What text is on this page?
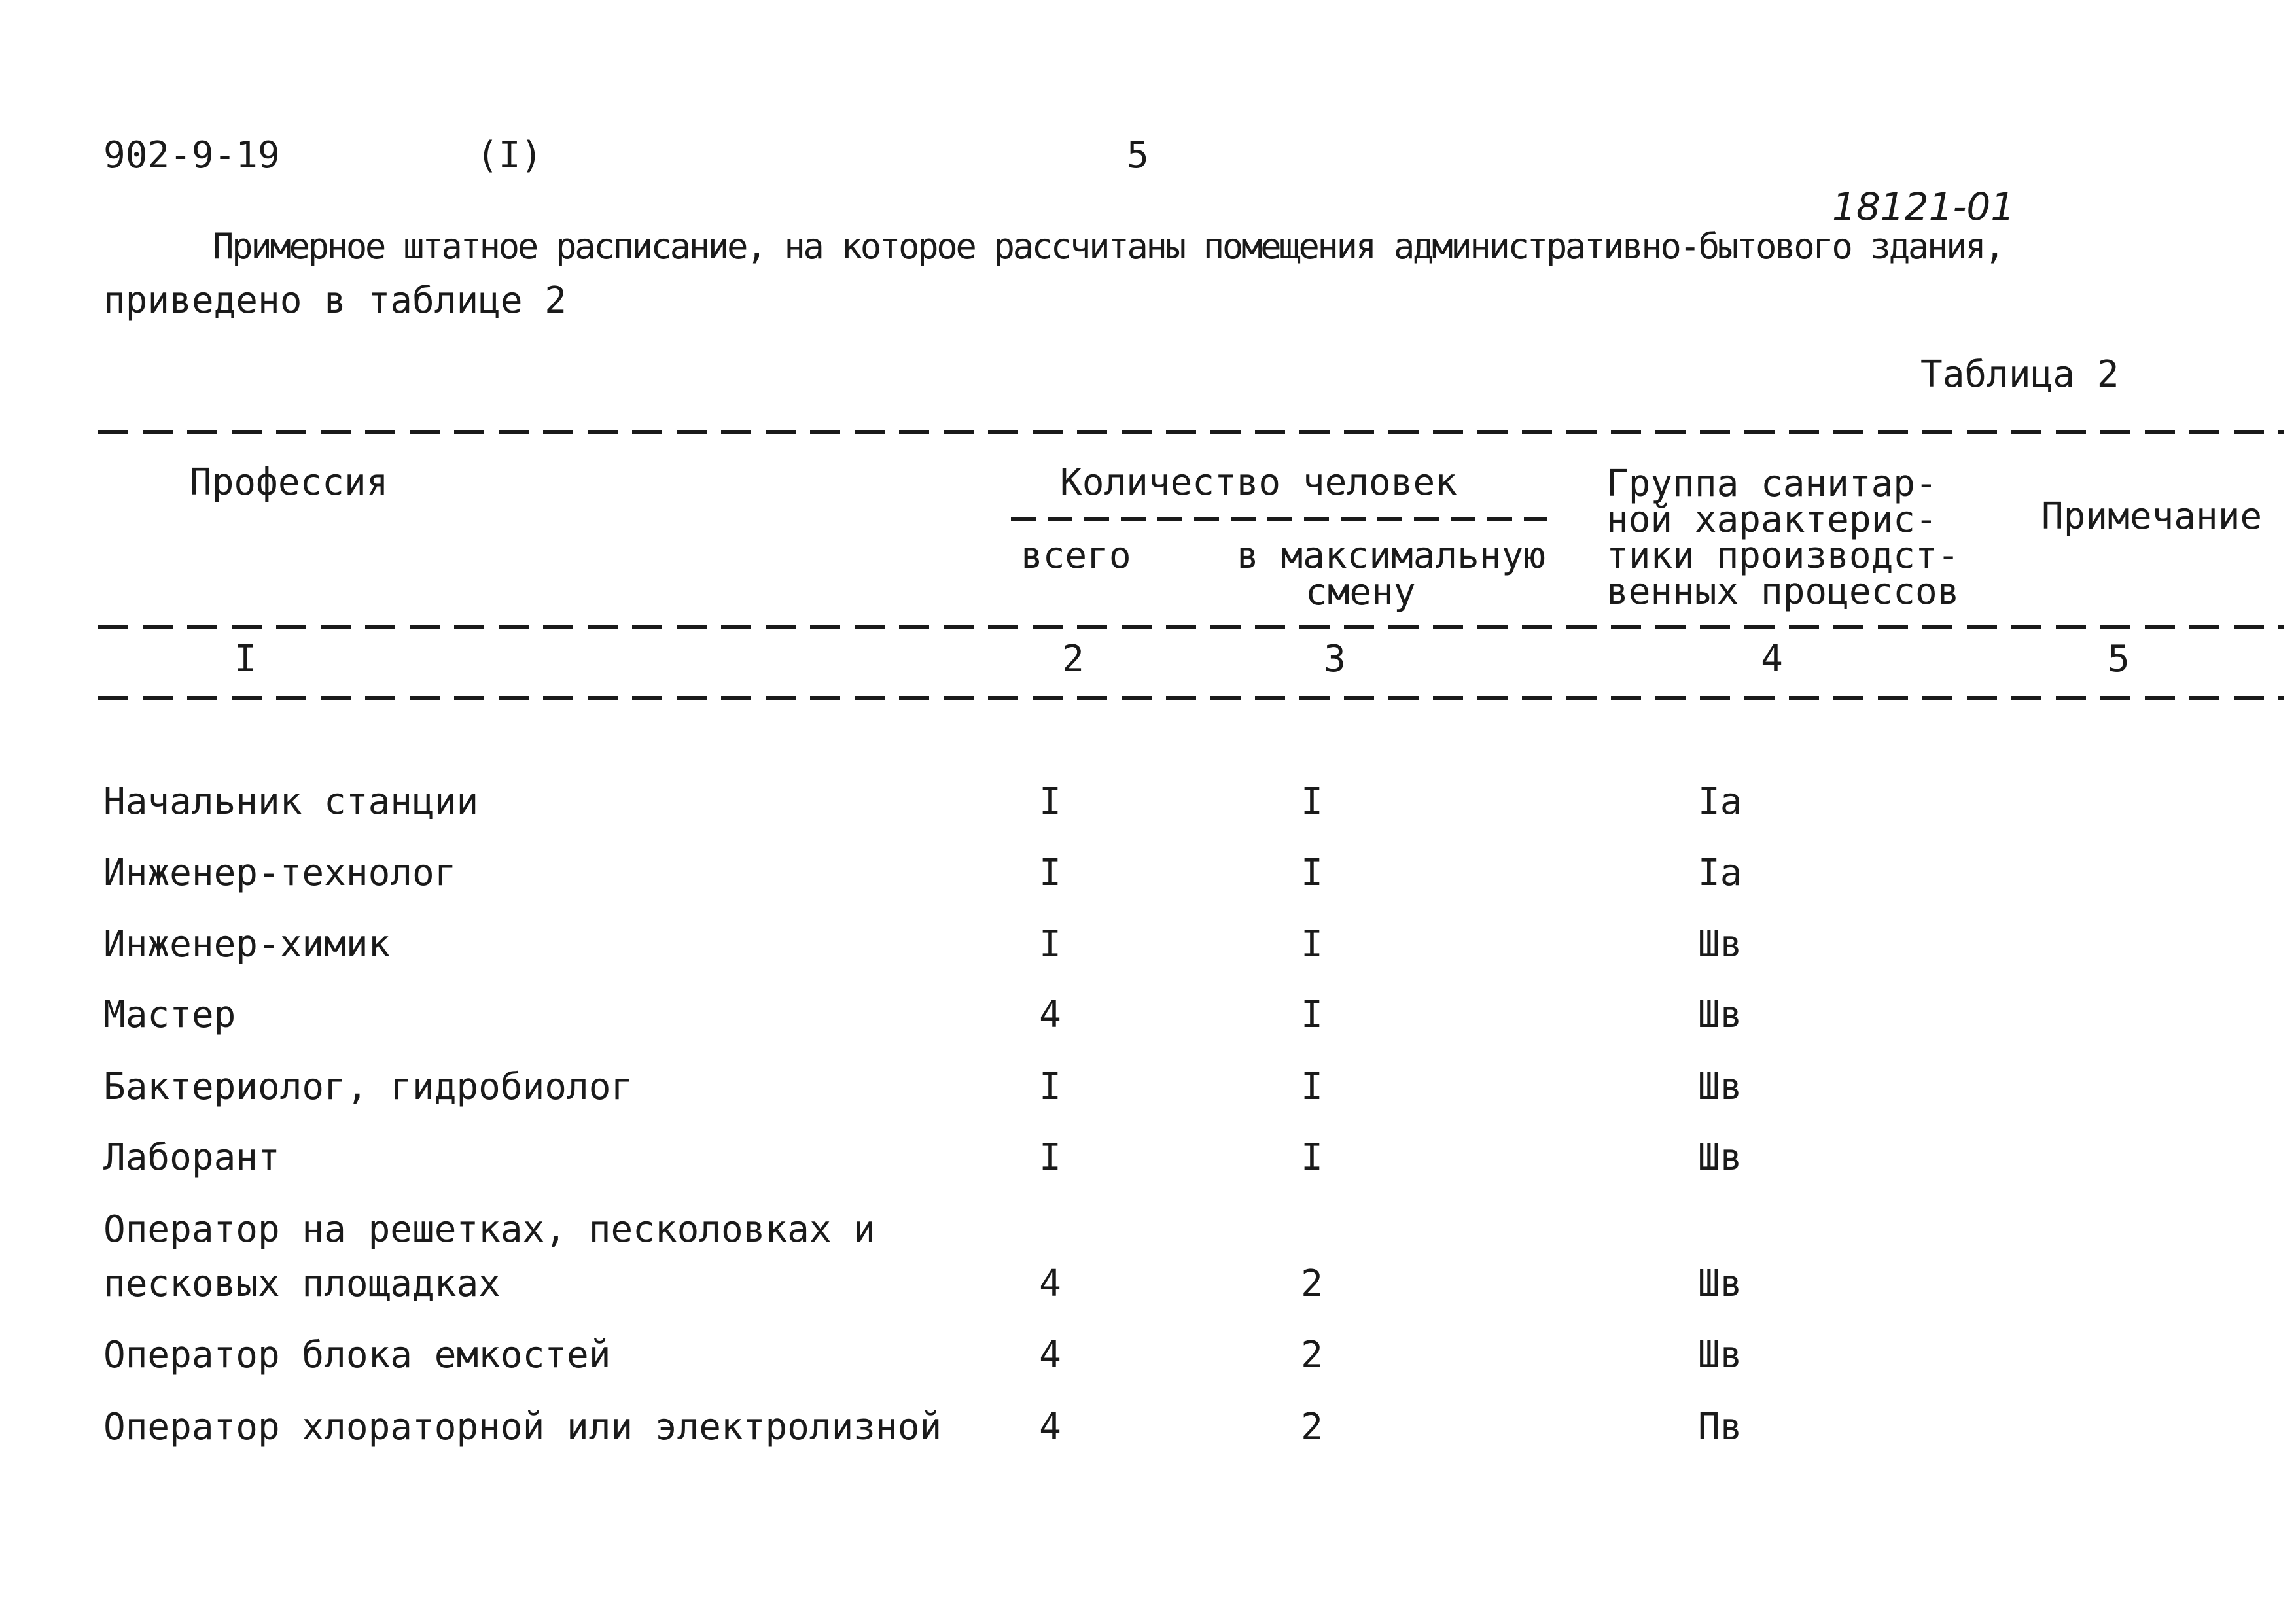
902-9-19	(I)	5
18121-01
Примерное штатное расписание, на которое рассчитаны помещения административно-бытового здания,
приведено в таблице 2
Таблица 2
Профессия	Количество человек
всего	в максимальную
смену
Группа санитар-
ной характерис-
тики производст-
венных процессов
Примечание
I	2	3	4	5
Начальник станции	I	I	Iа
Инженер-технолог	I	I	Iа
Инженер-химик	I	I	Шв
Мастер	4	I	Шв
Бактериолог, гидробиолог	I	I	Шв
Лаборант	I	I	Шв
Оператор на решетках, песколовках и
песковых площадках	4	2	Шв
Оператор блока емкостей	4	2	Шв
Оператор хлораторной или электролизной	4	2	Пв
